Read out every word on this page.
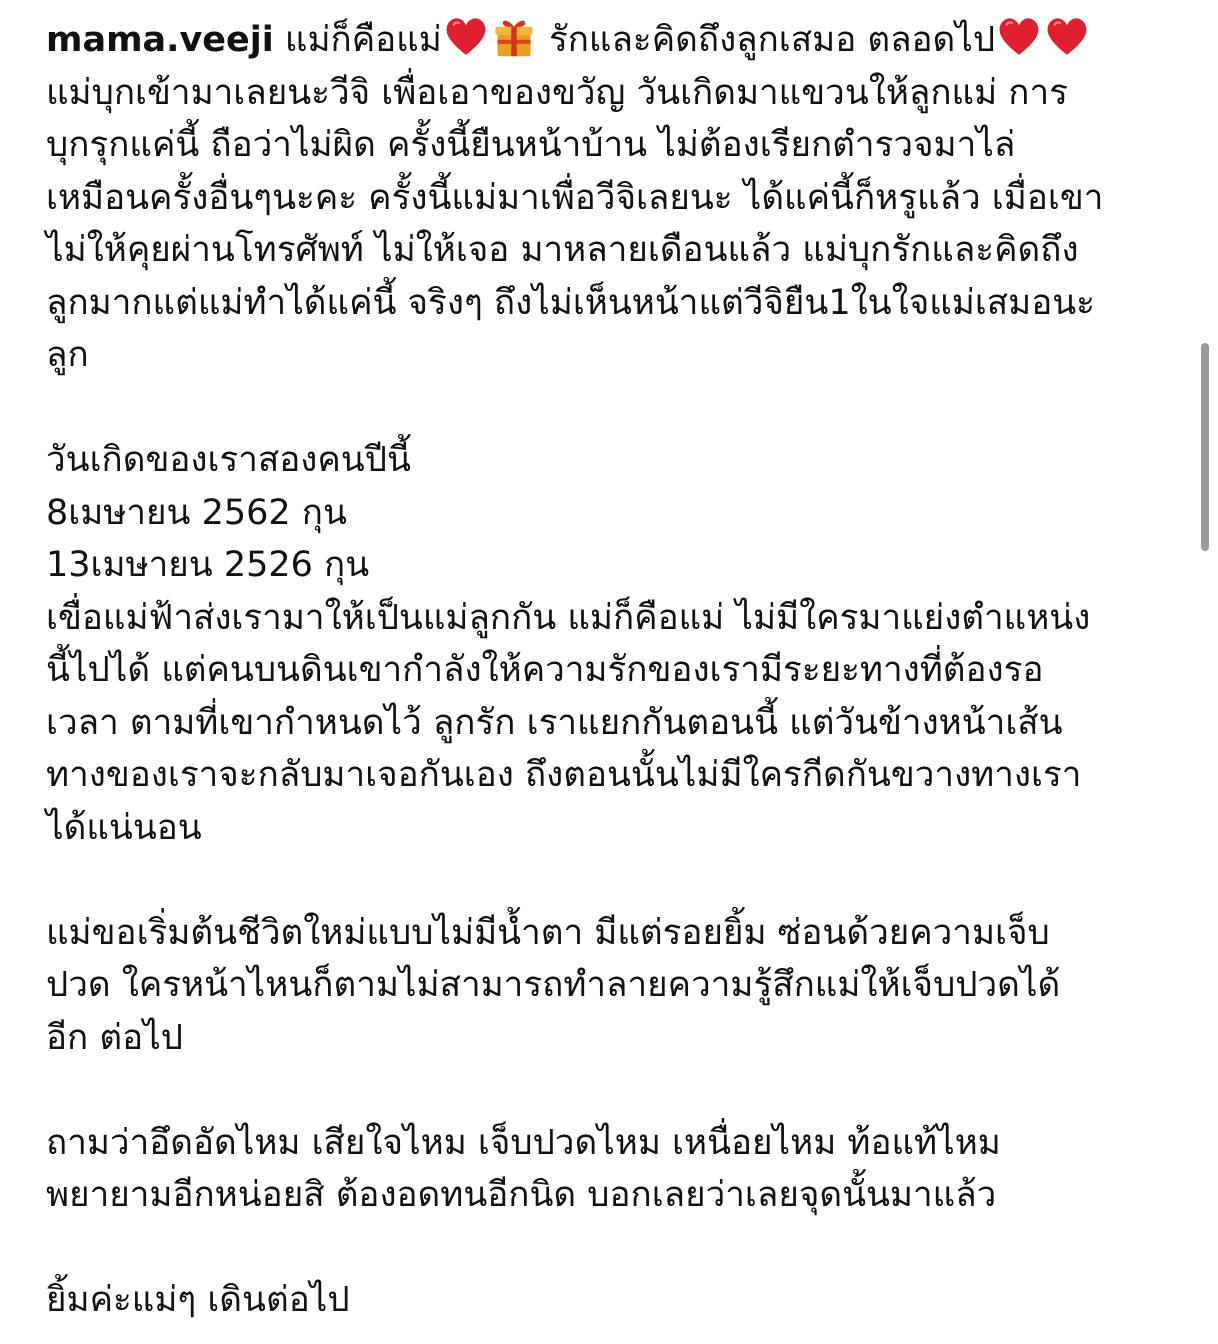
mama.veeji แม่ก็คือแม่	รักและคิดถึงลูกเสมอ ตลอดไป
แม่บุกเข้ามาเลยนะวีจิ เพื่อเอาของขวัญ วันเกิดมาแขวนให้ลูกแม่ การ
บุกรุกแค่นี้ ถือว่าไม่ผิด ครั้งนี้ยืนหน้าบ้าน ไม่ต้องเรียกตำรวจมาไล่
เหมือนครั้งอื่นๆนะคะ ครั้งนี้แม่มาเพื่อวีจิเลยนะ ได้แค่นี้ก็หรูแล้ว เมื่อเขา
ไม่ให้คุยผ่านโทรศัพท์ ไม่ให้เจอ มาหลายเดือนแล้ว แม่บุกรักและคิดถึง
ลูกมากแต่แม่ทำได้แค่นี้ จริงๆ ถึงไม่เห็นหน้าแต่วีจิยืน1ในใจแม่เสมอนะ
ลูก
วันเกิดของเราสองคนปีนี้
8เมษายน 2562 กุน
13เมษายน 2526 กุน
เขื่อแม่ฟ้าส่งเรามาให้เป็นแม่ลูกกัน แม่ก็คือแม่ ไม่มีใครมาแย่งตำแหน่ง
นี้ไปได้ แต่คนบนดินเขากำลังให้ความรักของเรามีระยะทางที่ต้องรอ
เวลา ตามที่เขากำหนดไว้ ลูกรัก เราแยกกันตอนนี้ แต่วันข้างหน้าเส้น
ทางของเราจะกลับมาเจอกันเอง ถึงตอนนั้นไม่มีใครกีดกันขวางทางเรา
ได้แน่นอน
แม่ขอเริ่มต้นชีวิตใหม่แบบไม่มีน้ำตา มีแต่รอยยิ้ม ซ่อนด้วยความเจ็บ
ปวด ใครหน้าไหนก็ตามไม่สามารถทำลายความรู้สึกแม่ให้เจ็บปวดได้
อีก ต่อไป
ถามว่าอึดอัดไหม เสียใจไหม เจ็บปวดไหม เหนื่อยไหม ท้อแท้ไหม
พยายามอีกหน่อยสิ ต้องอดทนอีกนิด บอกเลยว่าเลยจุดนั้นมาแล้ว
ยิ้มค่ะแม่ๆ เดินต่อไป
